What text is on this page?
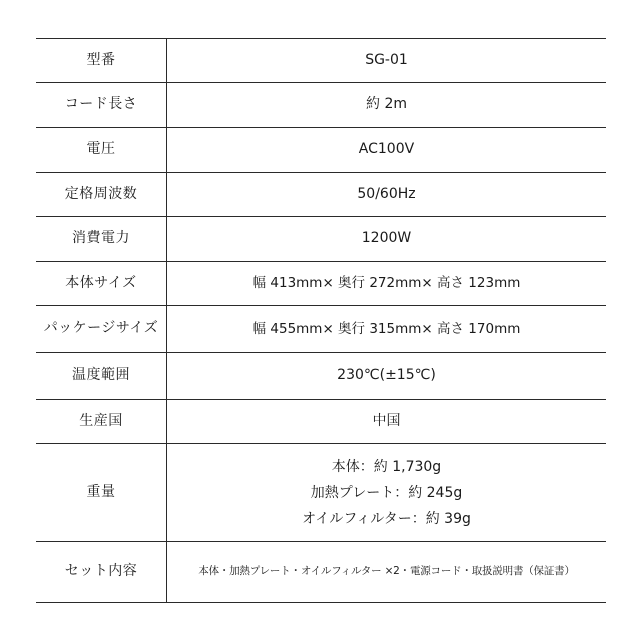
型番	SG-01
コード長さ	約 2m
電圧	AC100V
定格周波数	50/60Hz
消費電力	1200W
本体サイズ	幅 413mm× 奥行 272mm× 高さ 123mm
パッケージサイズ	幅 455mm× 奥行 315mm× 高さ 170mm
温度範囲	230℃(±15℃)
生産国	中国
重量	本体：約 1,730g
加熱プレート：約 245g
オイルフィルター：約 39g

セット内容	本体・加熱プレート・オイルフィルター ×2・電源コード・取扱説明書（保証書）
